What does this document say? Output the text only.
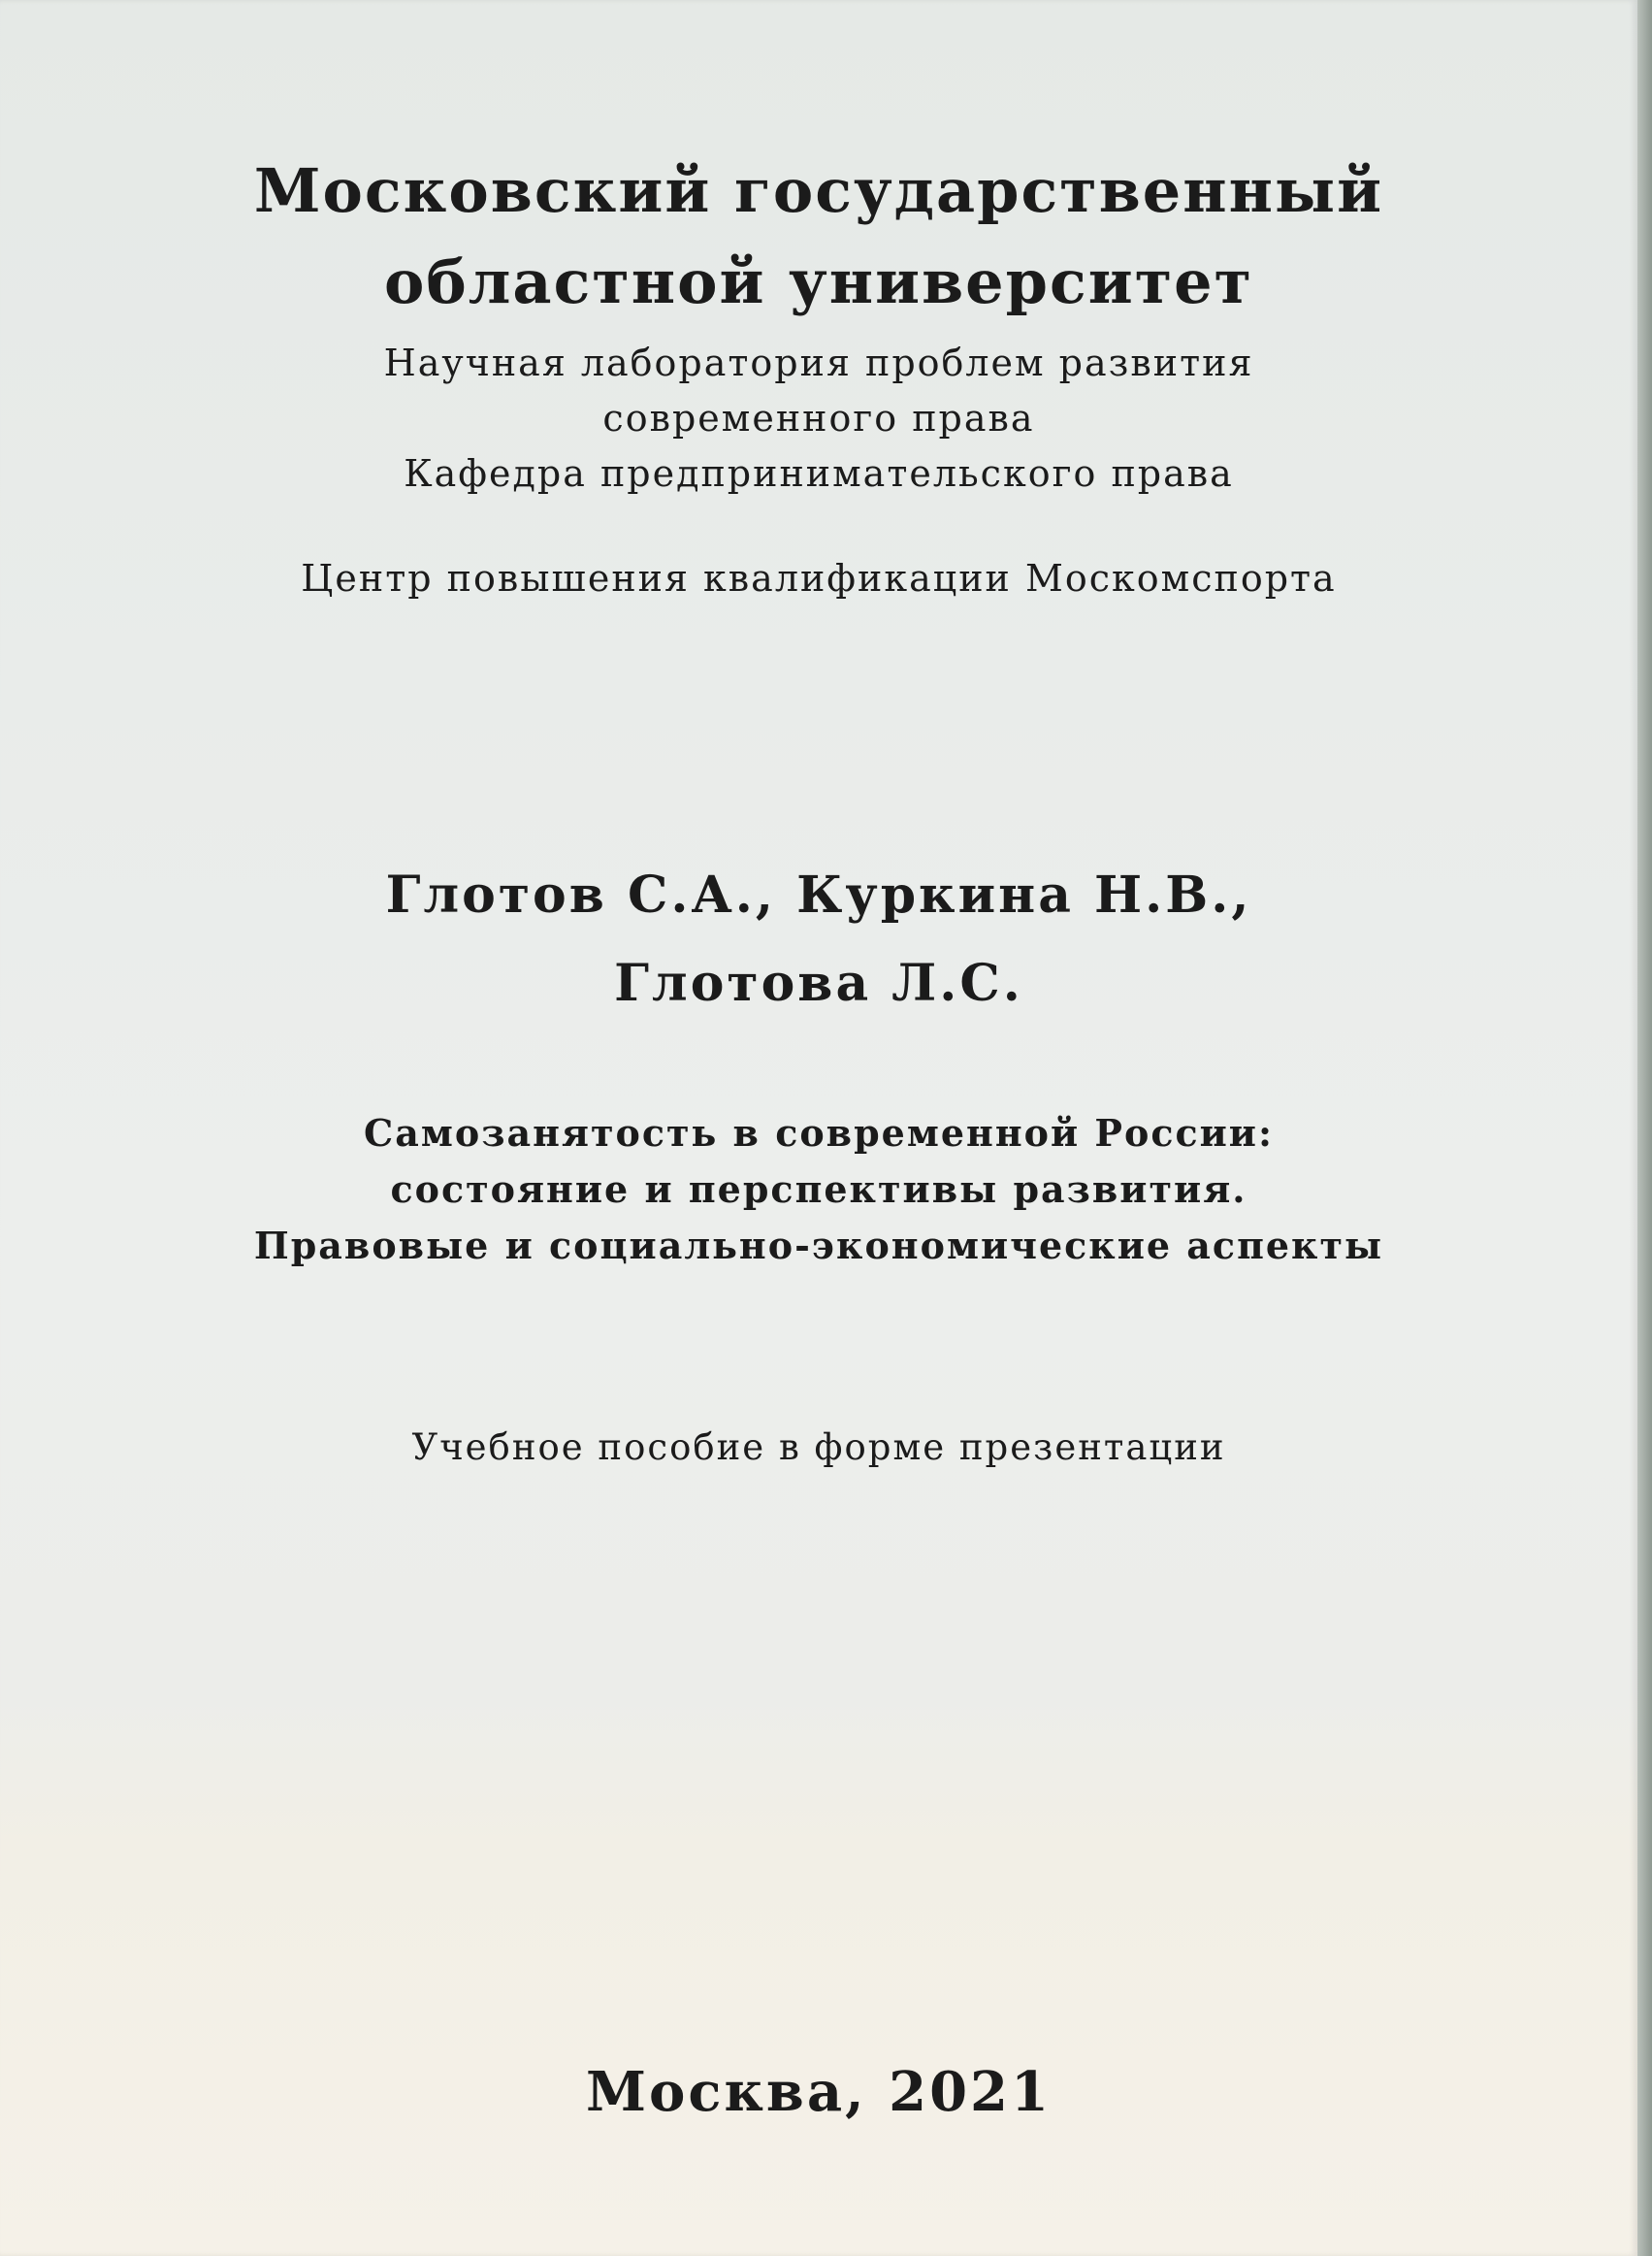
Московский государственный
областной университет
Научная лаборатория проблем развития
современного права
Кафедра предпринимательского права
Центр повышения квалификации Москомспорта
Глотов С.А., Куркина Н.В.,
Глотова Л.С.
Самозанятость в современной России:
состояние и перспективы развития.
Правовые и социально-экономические аспекты
Учебное пособие в форме презентации
Москва, 2021
